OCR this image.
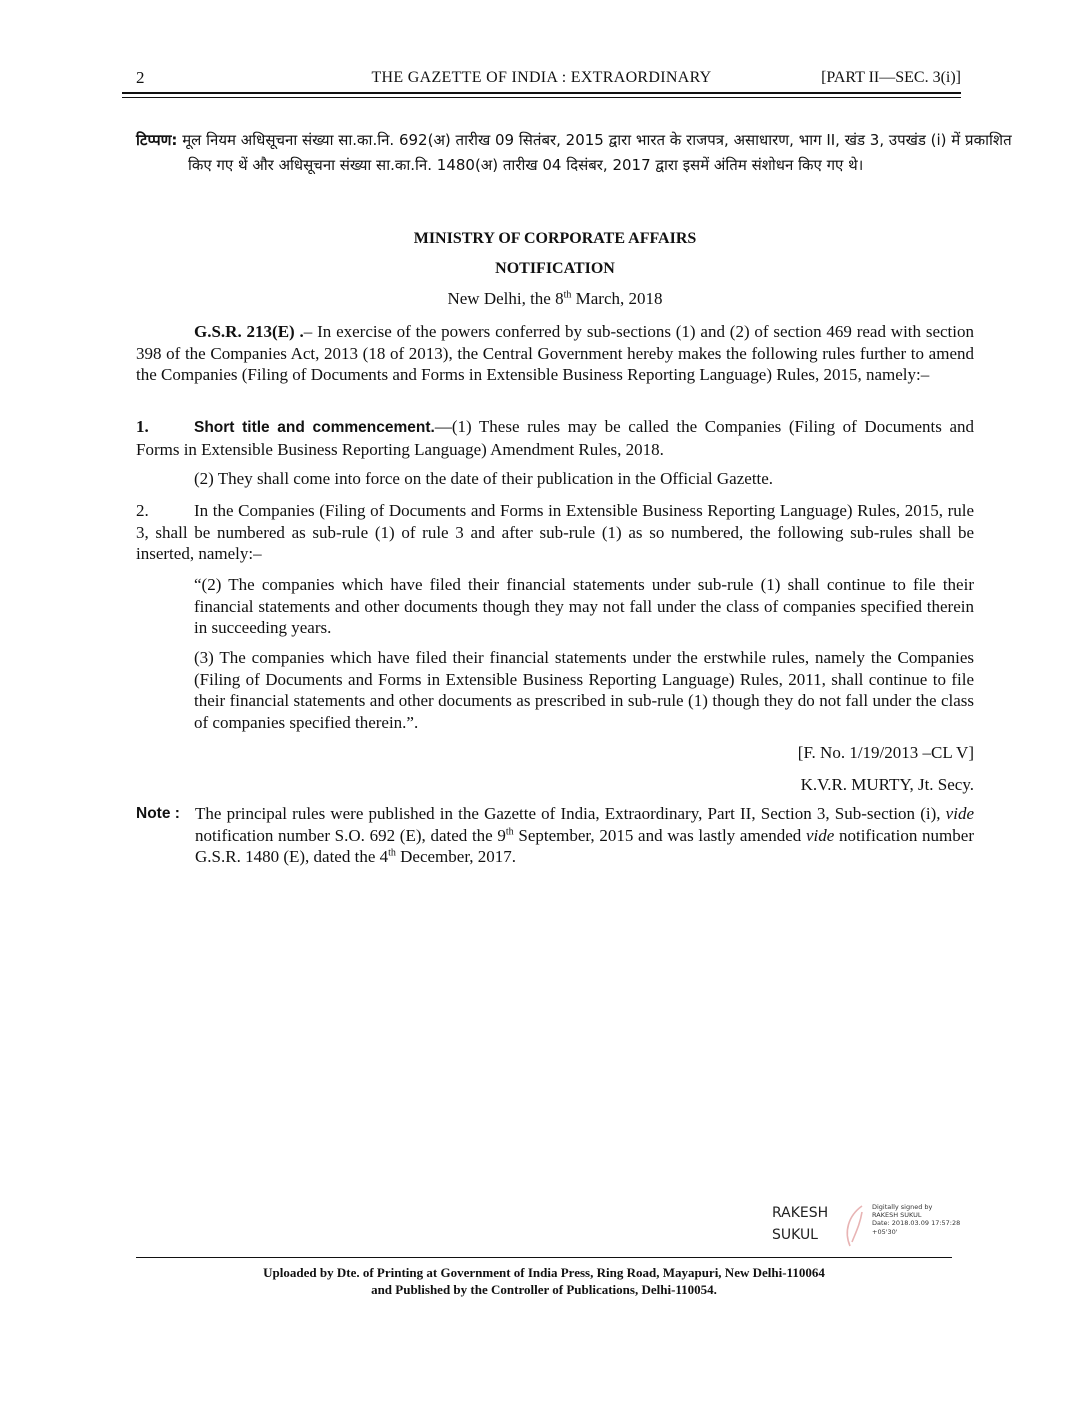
2	THE GAZETTE OF INDIA : EXTRAORDINARY	[PART II—SEC. 3(i)]

टिप्पण: मूल नियम अधिसूचना संख्या सा.का.नि. 692(अ) तारीख 09 सितंबर, 2015 द्वारा भारत के राजपत्र, असाधारण, भाग II, खंड 3, उपखंड (i) में प्रकाशित किए गए थें और अधिसूचना संख्या सा.का.नि. 1480(अ) तारीख 04 दिसंबर, 2017 द्वारा इसमें अंतिम संशोधन किए गए थे।

MINISTRY OF CORPORATE AFFAIRS
NOTIFICATION
New Delhi, the 8th March, 2018

G.S.R. 213(E) .– In exercise of the powers conferred by sub-sections (1) and (2) of section 469 read with section 398 of the Companies Act, 2013 (18 of 2013), the Central Government hereby makes the following rules further to amend the Companies (Filing of Documents and Forms in Extensible Business Reporting Language) Rules, 2015, namely:–

1.	Short title and commencement.—(1) These rules may be called the Companies (Filing of Documents and Forms in Extensible Business Reporting Language) Amendment Rules, 2018.

(2) They shall come into force on the date of their publication in the Official Gazette.

2.	In the Companies (Filing of Documents and Forms in Extensible Business Reporting Language) Rules, 2015, rule 3, shall be numbered as sub-rule (1) of rule 3 and after sub-rule (1) as so numbered, the following sub-rules shall be inserted, namely:–

“(2) The companies which have filed their financial statements under sub-rule (1) shall continue to file their financial statements and other documents though they may not fall under the class of companies specified therein in succeeding years.

(3) The companies which have filed their financial statements under the erstwhile rules, namely the Companies (Filing of Documents and Forms in Extensible Business Reporting Language) Rules, 2011, shall continue to file their financial statements and other documents as prescribed in sub-rule (1) though they do not fall under the class of companies specified therein.”.

[F. No. 1/19/2013 –CL V]
K.V.R. MURTY, Jt. Secy.
Note : The principal rules were published in the Gazette of India, Extraordinary, Part II, Section 3, Sub-section (i), vide notification number S.O. 692 (E), dated the 9th September, 2015 and was lastly amended vide notification number G.S.R. 1480 (E), dated the 4th December, 2017.

RAKESH
SUKUL
Digitally signed by
RAKESH SUKUL
Date: 2018.03.09 17:57:28
+05'30'
Uploaded by Dte. of Printing at Government of India Press, Ring Road, Mayapuri, New Delhi-110064
and Published by the Controller of Publications, Delhi-110054.
